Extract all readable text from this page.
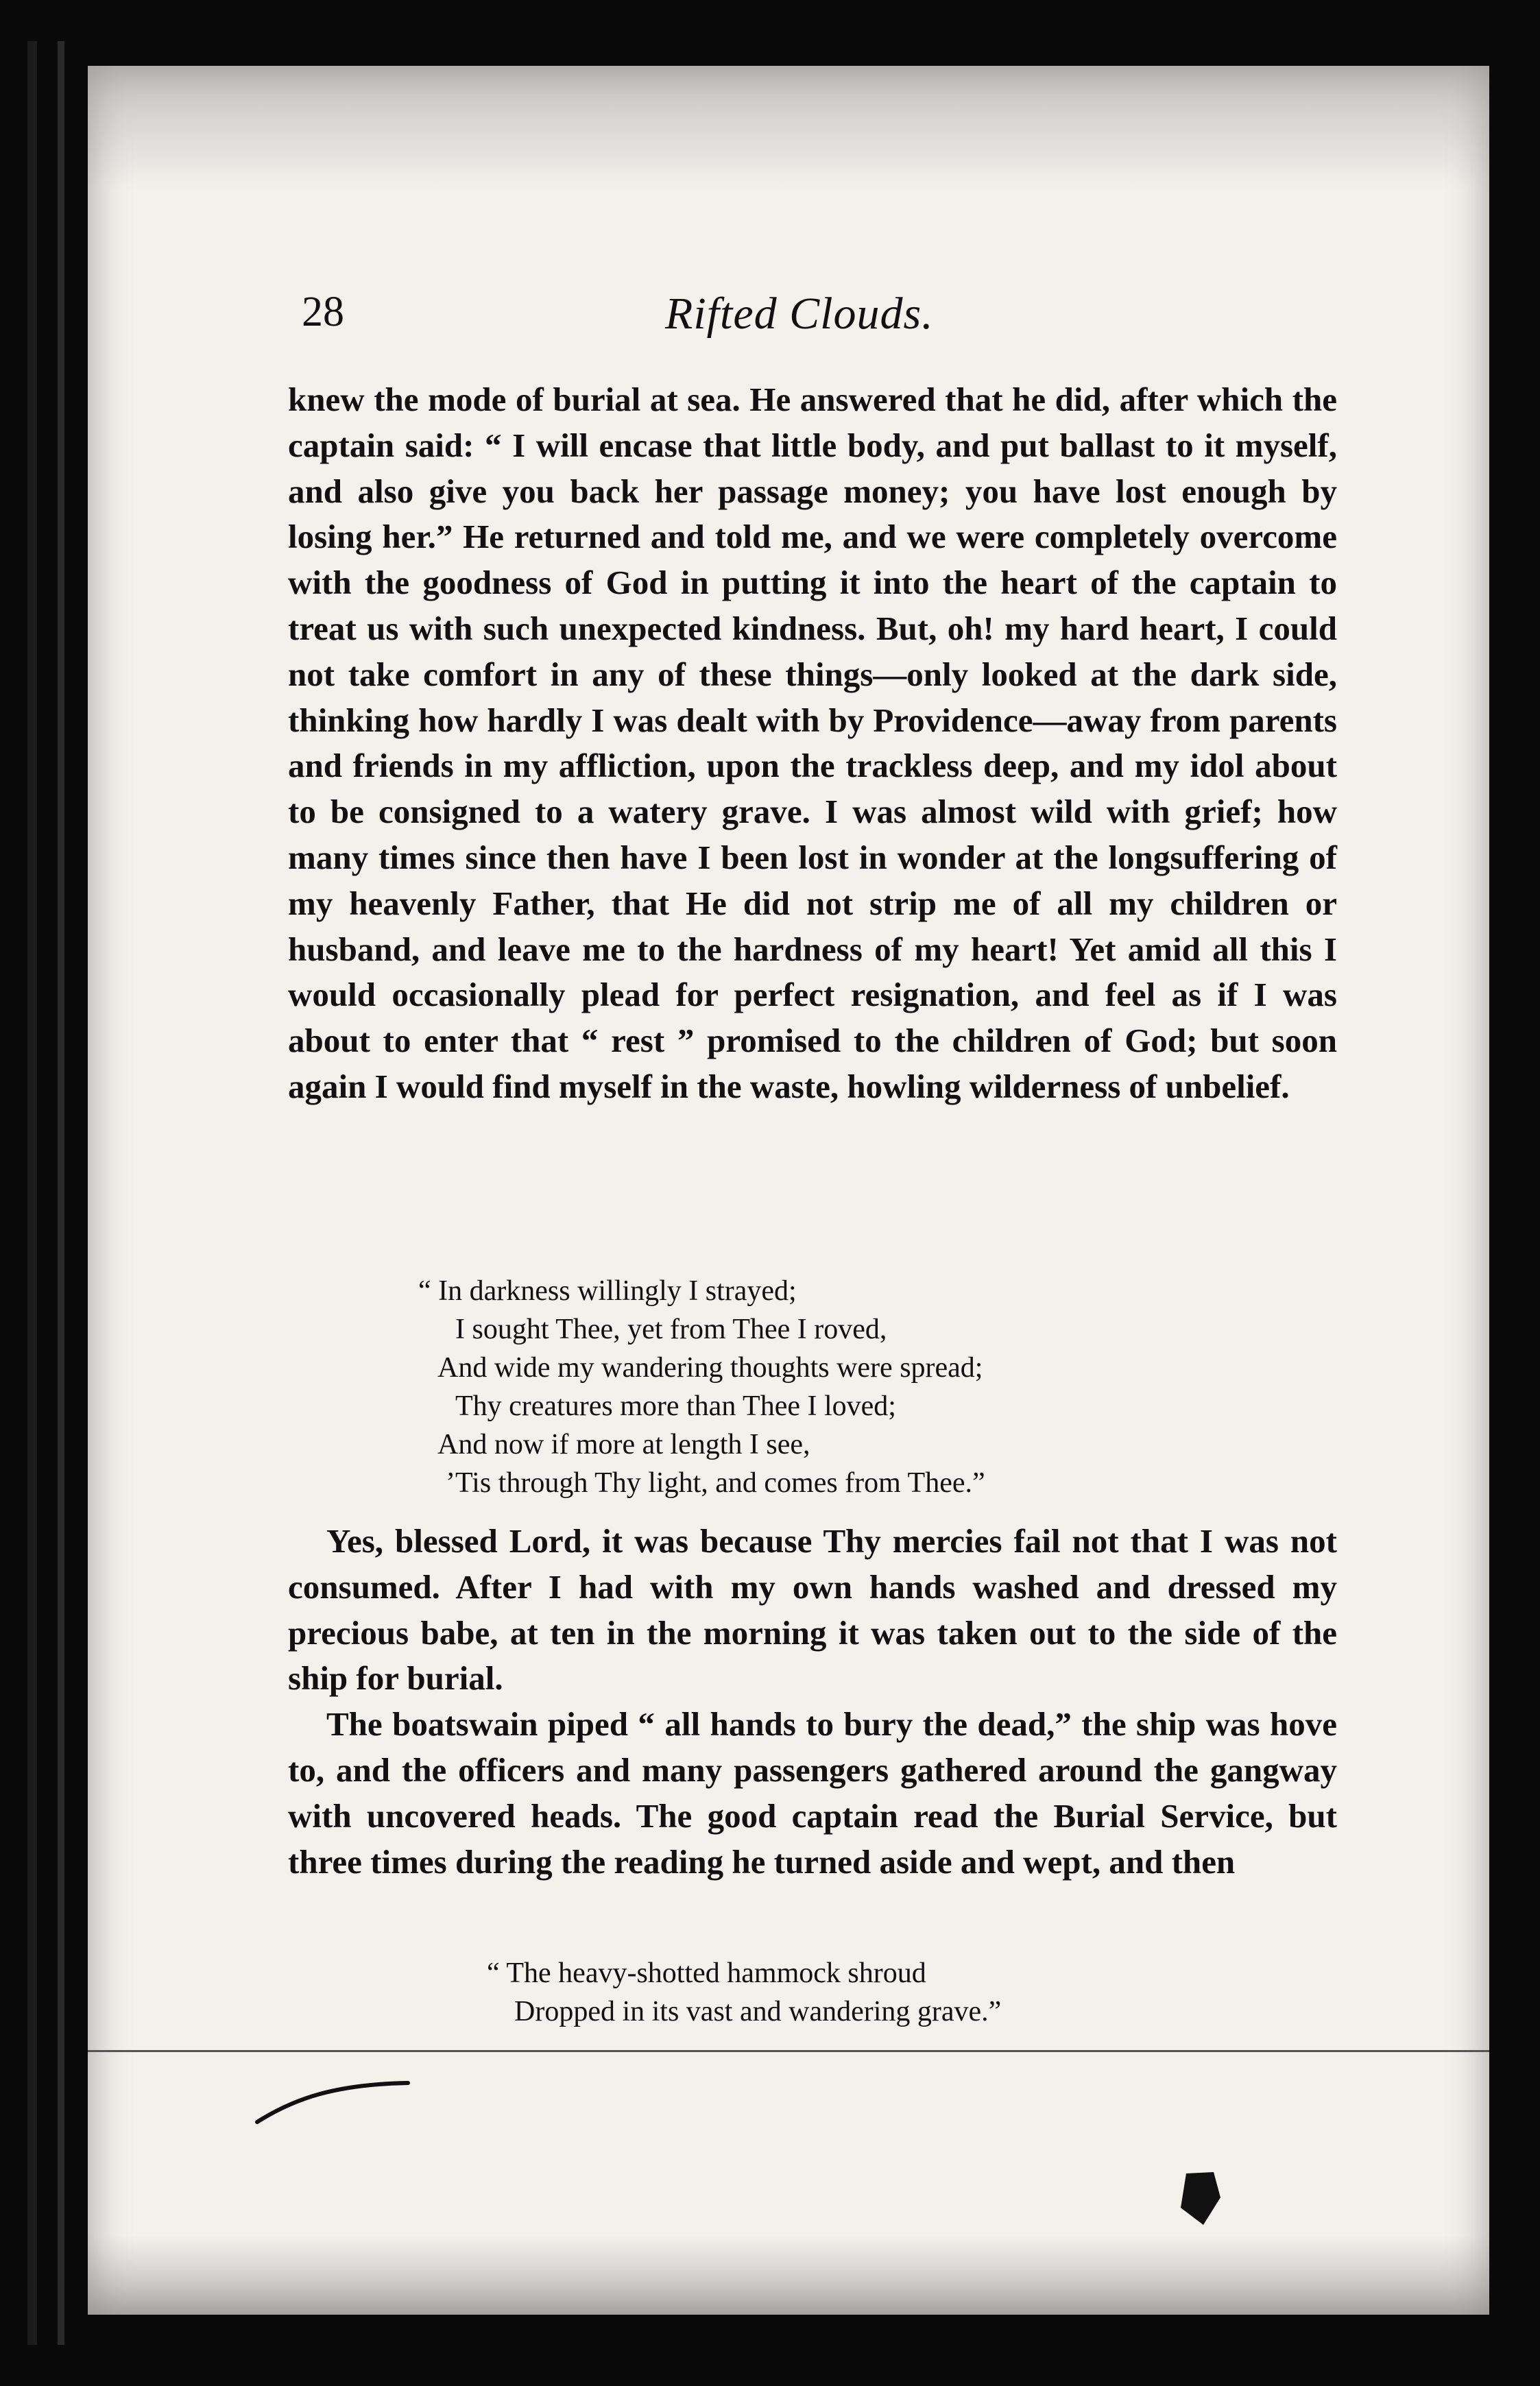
28	Rifted Clouds.

knew the mode of burial at sea. He answered that he did, after which the captain said: “ I will encase that little body, and put ballast to it myself, and also give you back her passage money; you have lost enough by losing her.” He returned and told me, and we were completely overcome with the goodness of God in putting it into the heart of the captain to treat us with such unexpected kindness. But, oh! my hard heart, I could not take comfort in any of these things—only looked at the dark side, thinking how hardly I was dealt with by Providence—away from parents and friends in my affliction, upon the trackless deep, and my idol about to be consigned to a watery grave. I was almost wild with grief; how many times since then have I been lost in wonder at the longsuffering of my heavenly Father, that He did not strip me of all my children or husband, and leave me to the hardness of my heart! Yet amid all this I would occasionally plead for perfect resignation, and feel as if I was about to enter that “ rest ” promised to the children of God; but soon again I would find myself in the waste, howling wilderness of unbelief.

“ In darkness willingly I strayed;
I sought Thee, yet from Thee I roved,
And wide my wandering thoughts were spread;
Thy creatures more than Thee I loved;
And now if more at length I see,
’Tis through Thy light, and comes from Thee.”

Yes, blessed Lord, it was because Thy mercies fail not that I was not consumed. After I had with my own hands washed and dressed my precious babe, at ten in the morning it was taken out to the side of the ship for burial.

The boatswain piped “ all hands to bury the dead,” the ship was hove to, and the officers and many passengers gathered around the gangway with uncovered heads. The good captain read the Burial Service, but three times during the reading he turned aside and wept, and then

“ The heavy-shotted hammock shroud
Dropped in its vast and wandering grave.”
